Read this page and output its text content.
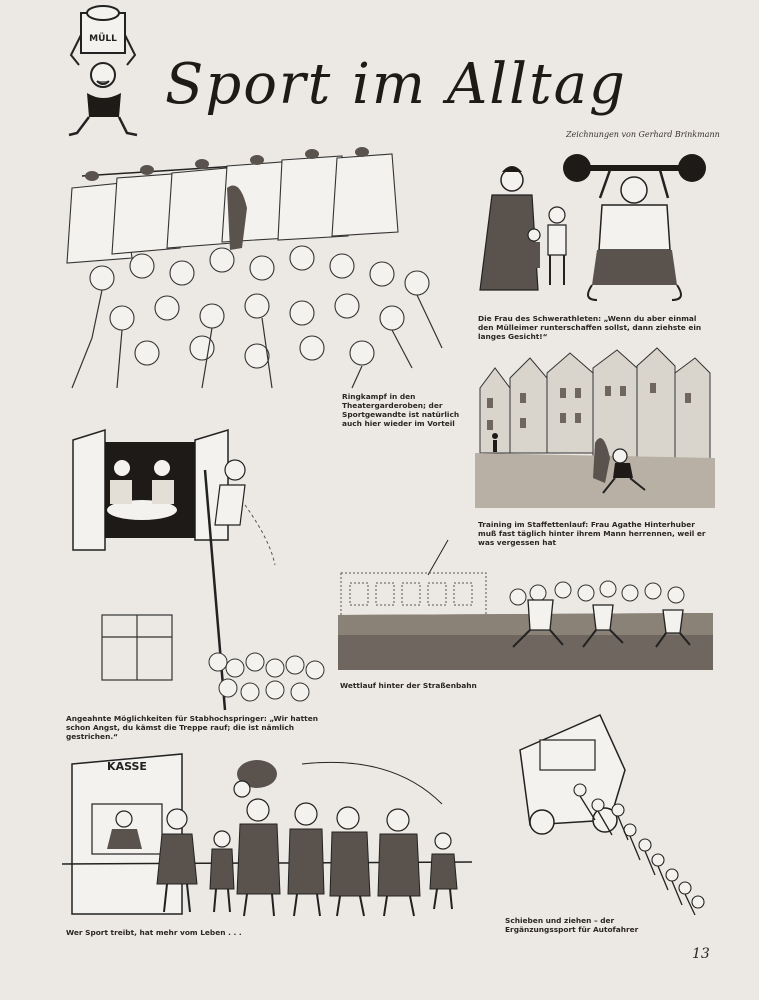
MÜLL
Sport im Alltag
Zeichnungen von Gerhard Brinkmann
Die Frau des Schwerathleten: „Wenn du aber einmal den Mülleimer runterschaffen sollst, dann ziehste ein langes Gesicht!“
Ringkampf in den Theatergarderoben; der Sportgewandte ist natürlich auch hier wieder im Vorteil
Training im Staffettenlauf: Frau Agathe Hinterhuber muß fast täglich hinter ihrem Mann herrennen, weil er was vergessen hat
Angeahnte Möglichkeiten für Stabhochspringer: „Wir hatten schon Angst, du kämst die Treppe rauf; die ist nämlich gestrichen.“
Wettlauf hinter der Straßenbahn
KASSE
Wer Sport treibt, hat mehr vom Leben . . .
Schieben und ziehen – der Ergänzungssport für Autofahrer
13
